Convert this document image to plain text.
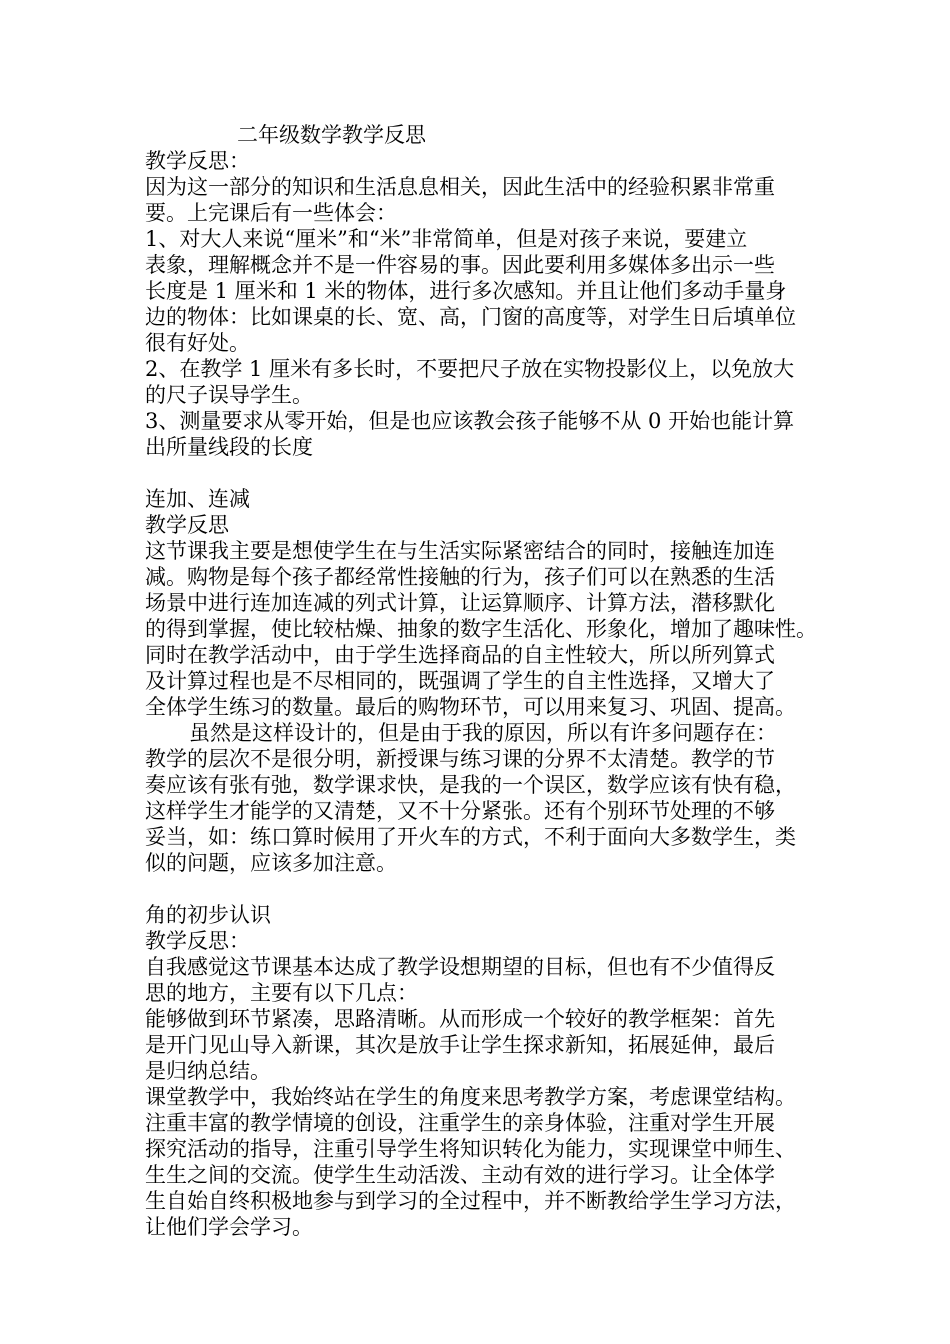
二年级数学教学反思
教学反思：
因为这一部分的知识和生活息息相关，因此生活中的经验积累非常重
要。上完课后有一些体会：
1、对大人来说“厘米”和“米”非常简单，但是对孩子来说，要建立
表象，理解概念并不是一件容易的事。因此要利用多媒体多出示一些
长度是 1 厘米和 1 米的物体，进行多次感知。并且让他们多动手量身
边的物体：比如课桌的长、宽、高，门窗的高度等，对学生日后填单位
很有好处。
2、在教学 1 厘米有多长时，不要把尺子放在实物投影仪上，以免放大
的尺子误导学生。
3、测量要求从零开始，但是也应该教会孩子能够不从 0 开始也能计算
出所量线段的长度
连加、连减
教学反思
这节课我主要是想使学生在与生活实际紧密结合的同时，接触连加连
减。购物是每个孩子都经常性接触的行为，孩子们可以在熟悉的生活
场景中进行连加连减的列式计算，让运算顺序、计算方法，潜移默化
的得到掌握，使比较枯燥、抽象的数字生活化、形象化，增加了趣味性。
同时在教学活动中，由于学生选择商品的自主性较大，所以所列算式
及计算过程也是不尽相同的，既强调了学生的自主性选择，又增大了
全体学生练习的数量。最后的购物环节，可以用来复习、巩固、提高。
虽然是这样设计的，但是由于我的原因，所以有许多问题存在：
教学的层次不是很分明，新授课与练习课的分界不太清楚。教学的节
奏应该有张有弛，数学课求快，是我的一个误区，数学应该有快有稳，
这样学生才能学的又清楚，又不十分紧张。还有个别环节处理的不够
妥当，如：练口算时候用了开火车的方式，不利于面向大多数学生，类
似的问题，应该多加注意。
角的初步认识
教学反思：
自我感觉这节课基本达成了教学设想期望的目标，但也有不少值得反
思的地方，主要有以下几点：
能够做到环节紧凑，思路清晰。从而形成一个较好的教学框架：首先
是开门见山导入新课，其次是放手让学生探求新知，拓展延伸，最后
是归纳总结。
课堂教学中，我始终站在学生的角度来思考教学方案，考虑课堂结构。
注重丰富的教学情境的创设，注重学生的亲身体验，注重对学生开展
探究活动的指导，注重引导学生将知识转化为能力，实现课堂中师生、
生生之间的交流。使学生生动活泼、主动有效的进行学习。让全体学
生自始自终积极地参与到学习的全过程中，并不断教给学生学习方法，
让他们学会学习。
